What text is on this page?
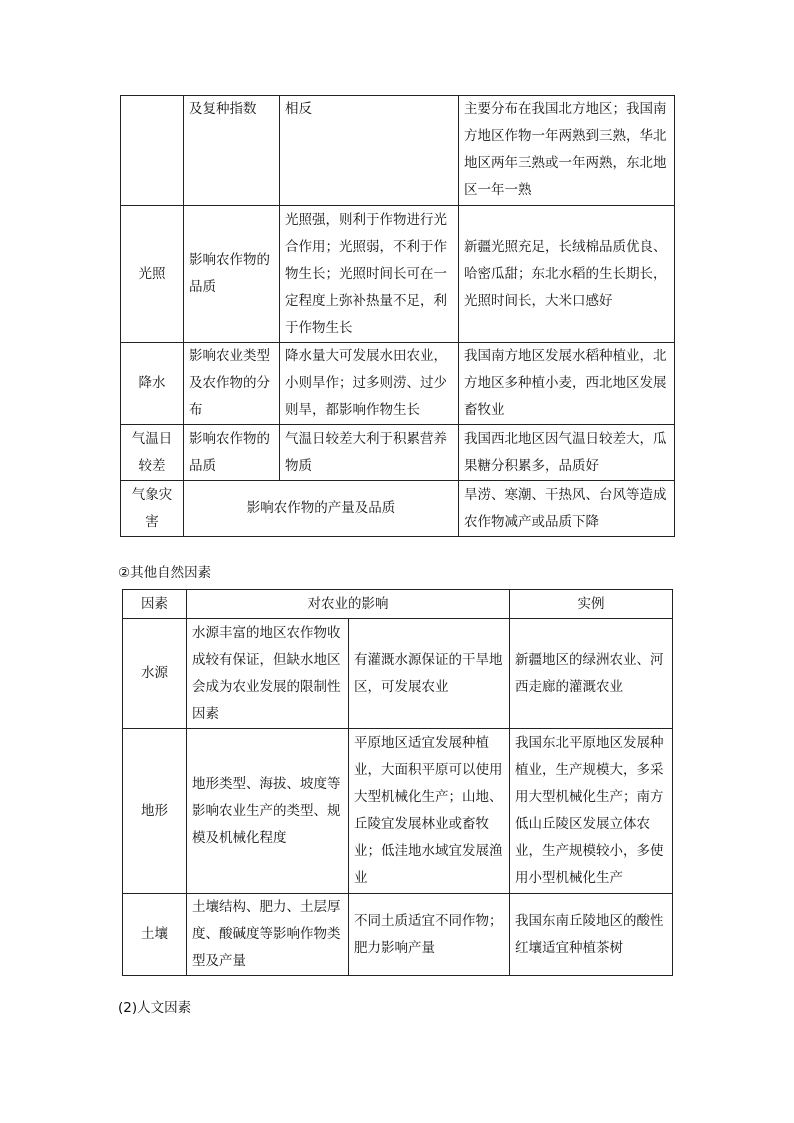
	及复种指数	相反	主要分布在我国北方地区；我国南方地区作物一年两熟到三熟，华北地区两年三熟或一年两熟，东北地区一年一熟
光照	影响农作物的品质	光照强，则利于作物进行光合作用；光照弱，不利于作物生长；光照时间长可在一定程度上弥补热量不足，利于作物生长	新疆光照充足，长绒棉品质优良、哈密瓜甜；东北水稻的生长期长，光照时间长，大米口感好
降水	影响农业类型及农作物的分布	降水量大可发展水田农业，小则旱作；过多则涝、过少则旱，都影响作物生长	我国南方地区发展水稻种植业，北方地区多种植小麦，西北地区发展畜牧业
气温日较差	影响农作物的品质	气温日较差大利于积累营养物质	我国西北地区因气温日较差大，瓜果糖分积累多，品质好
气象灾害	影响农作物的产量及品质		旱涝、寒潮、干热风、台风等造成农作物减产或品质下降
②其他自然因素
因素	对农业的影响		实例
水源	水源丰富的地区农作物收成较有保证，但缺水地区会成为农业发展的限制性因素	有灌溉水源保证的干旱地区，可发展农业	新疆地区的绿洲农业、河西走廊的灌溉农业
地形	地形类型、海拔、坡度等影响农业生产的类型、规模及机械化程度	平原地区适宜发展种植业，大面积平原可以使用大型机械化生产；山地、丘陵宜发展林业或畜牧业；低洼地水域宜发展渔业	我国东北平原地区发展种植业，生产规模大，多采用大型机械化生产；南方低山丘陵区发展立体农业，生产规模较小，多使用小型机械化生产
土壤	土壤结构、肥力、土层厚度、酸碱度等影响作物类型及产量	不同土质适宜不同作物；肥力影响产量	我国东南丘陵地区的酸性红壤适宜种植茶树
(2)人文因素
